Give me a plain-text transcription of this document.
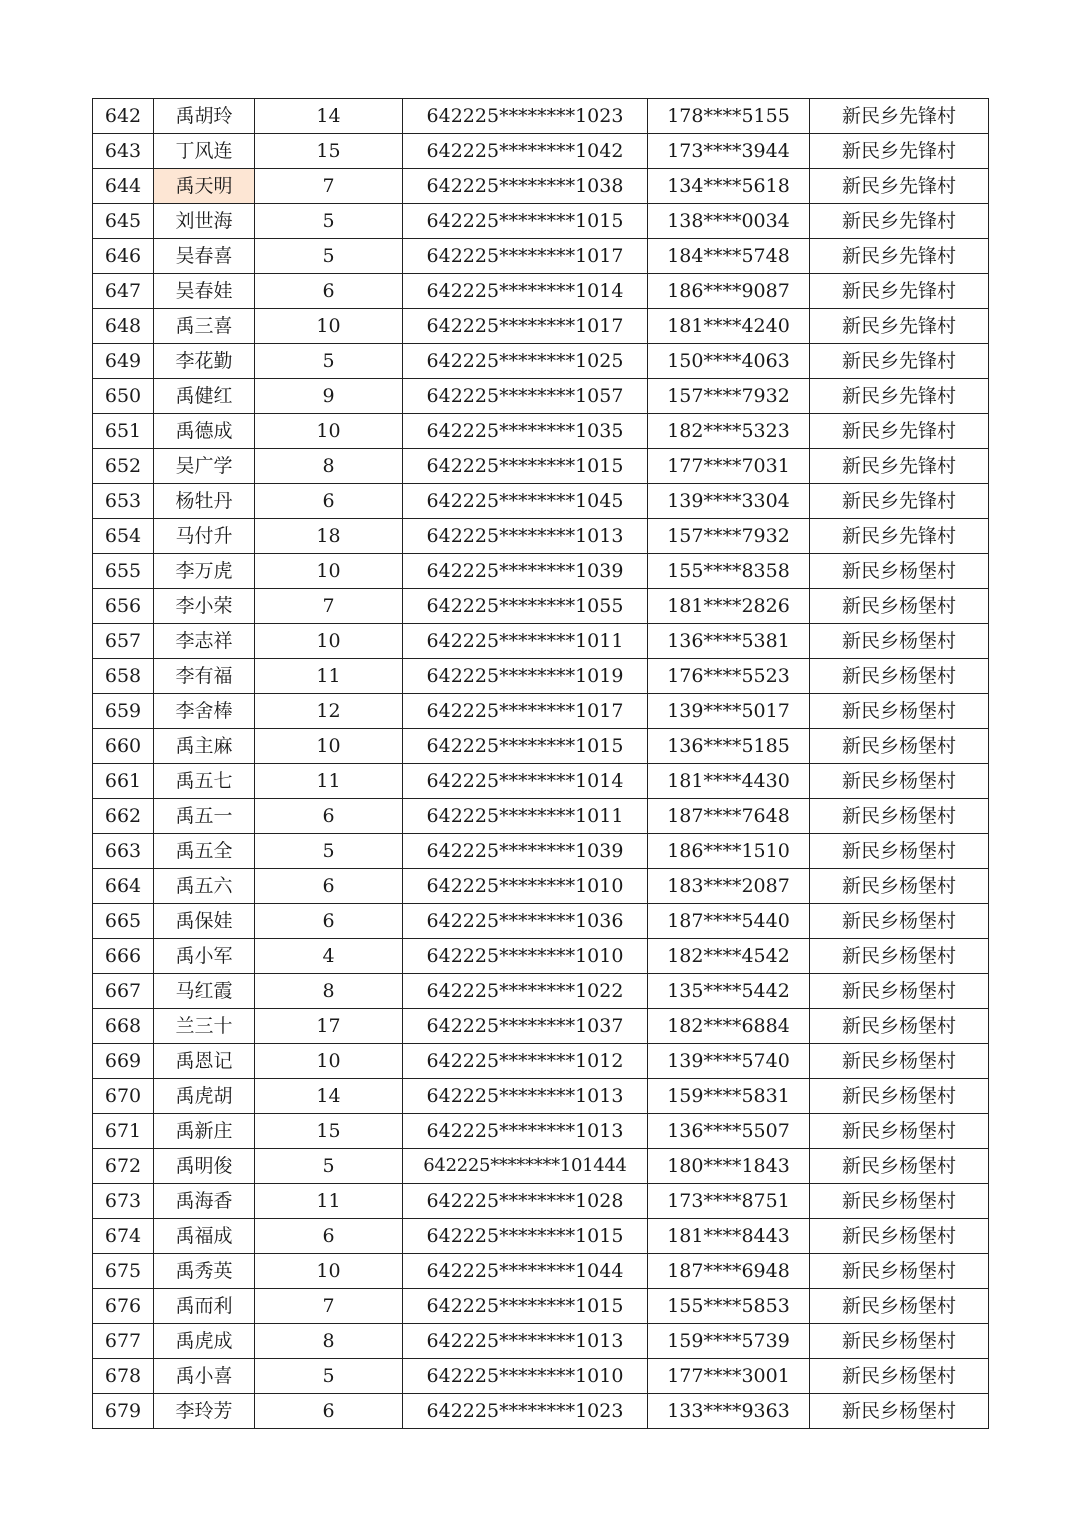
642	禹胡玲	14	642225********1023	178****5155	新民乡先锋村
643	丁风连	15	642225********1042	173****3944	新民乡先锋村
644	禹天明	7	642225********1038	134****5618	新民乡先锋村
645	刘世海	5	642225********1015	138****0034	新民乡先锋村
646	吴春喜	5	642225********1017	184****5748	新民乡先锋村
647	吴春娃	6	642225********1014	186****9087	新民乡先锋村
648	禹三喜	10	642225********1017	181****4240	新民乡先锋村
649	李花勤	5	642225********1025	150****4063	新民乡先锋村
650	禹健红	9	642225********1057	157****7932	新民乡先锋村
651	禹德成	10	642225********1035	182****5323	新民乡先锋村
652	吴广学	8	642225********1015	177****7031	新民乡先锋村
653	杨牡丹	6	642225********1045	139****3304	新民乡先锋村
654	马付升	18	642225********1013	157****7932	新民乡先锋村
655	李万虎	10	642225********1039	155****8358	新民乡杨堡村
656	李小荣	7	642225********1055	181****2826	新民乡杨堡村
657	李志祥	10	642225********1011	136****5381	新民乡杨堡村
658	李有福	11	642225********1019	176****5523	新民乡杨堡村
659	李舍棒	12	642225********1017	139****5017	新民乡杨堡村
660	禹主麻	10	642225********1015	136****5185	新民乡杨堡村
661	禹五七	11	642225********1014	181****4430	新民乡杨堡村
662	禹五一	6	642225********1011	187****7648	新民乡杨堡村
663	禹五全	5	642225********1039	186****1510	新民乡杨堡村
664	禹五六	6	642225********1010	183****2087	新民乡杨堡村
665	禹保娃	6	642225********1036	187****5440	新民乡杨堡村
666	禹小军	4	642225********1010	182****4542	新民乡杨堡村
667	马红霞	8	642225********1022	135****5442	新民乡杨堡村
668	兰三十	17	642225********1037	182****6884	新民乡杨堡村
669	禹恩记	10	642225********1012	139****5740	新民乡杨堡村
670	禹虎胡	14	642225********1013	159****5831	新民乡杨堡村
671	禹新庄	15	642225********1013	136****5507	新民乡杨堡村
672	禹明俊	5	642225********101444	180****1843	新民乡杨堡村
673	禹海香	11	642225********1028	173****8751	新民乡杨堡村
674	禹福成	6	642225********1015	181****8443	新民乡杨堡村
675	禹秀英	10	642225********1044	187****6948	新民乡杨堡村
676	禹而利	7	642225********1015	155****5853	新民乡杨堡村
677	禹虎成	8	642225********1013	159****5739	新民乡杨堡村
678	禹小喜	5	642225********1010	177****3001	新民乡杨堡村
679	李玲芳	6	642225********1023	133****9363	新民乡杨堡村
